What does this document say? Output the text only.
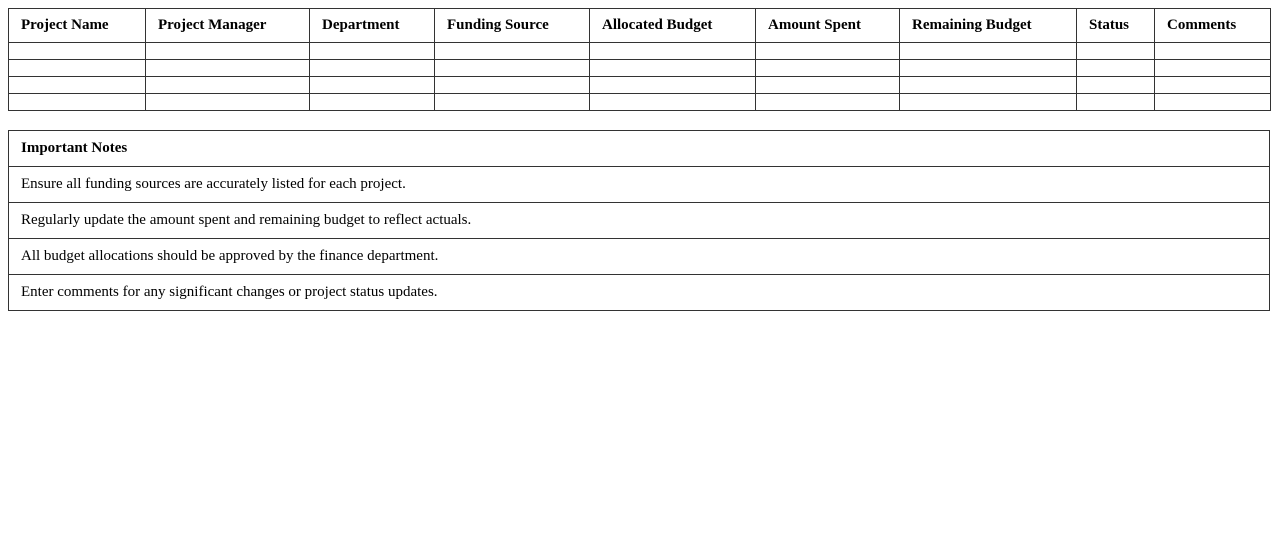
Project Name	Project Manager	Department	Funding Source	Allocated Budget	Amount Spent	Remaining Budget	Status	Comments

Important Notes
Ensure all funding sources are accurately listed for each project.
Regularly update the amount spent and remaining budget to reflect actuals.
All budget allocations should be approved by the finance department.
Enter comments for any significant changes or project status updates.
